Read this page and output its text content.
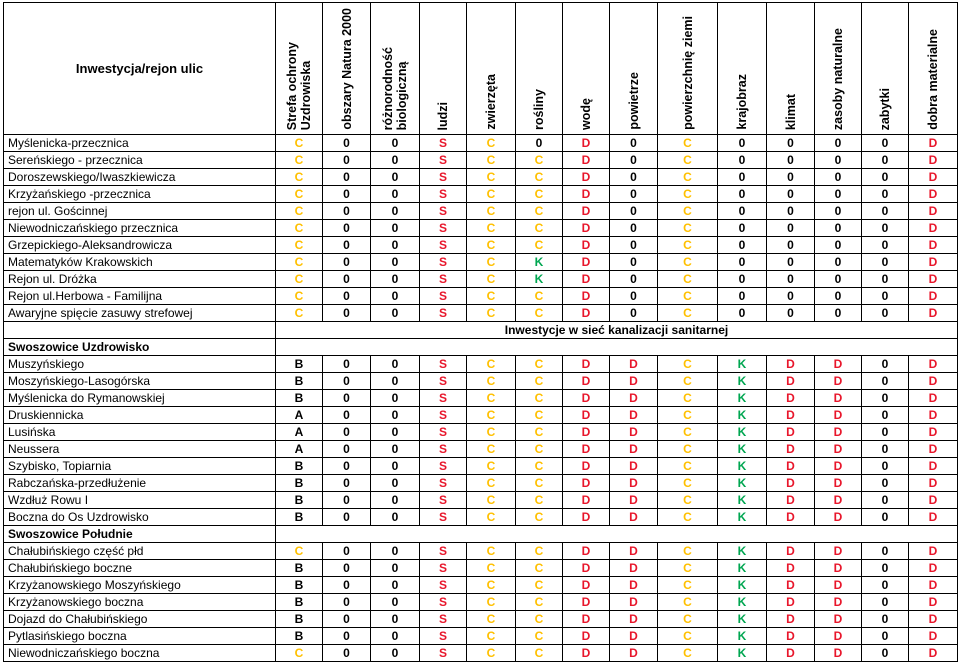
Inwestycja/rejon ulic	Strefa ochrony
Uzdrowiska	obszary Natura 2000	różnorodność
biologiczną	ludzi	zwierzęta	rośliny	wodę	powietrze	powierzchnię ziemi	krajobraz	klimat	zasoby naturalne	zabytki	dobra materialne

Myślenicka-przecznica	C	0	0	S	C	0	D	0	C	0	0	0	0	D
Sereńskiego - przecznica	C	0	0	S	C	C	D	0	C	0	0	0	0	D
Doroszewskiego/Iwaszkiewicza	C	0	0	S	C	C	D	0	C	0	0	0	0	D
Krzyżańskiego -przecznica	C	0	0	S	C	C	D	0	C	0	0	0	0	D
rejon ul. Gościnnej	C	0	0	S	C	C	D	0	C	0	0	0	0	D
Niewodniczańskiego przecznica	C	0	0	S	C	C	D	0	C	0	0	0	0	D
Grzepickiego-Aleksandrowicza	C	0	0	S	C	C	D	0	C	0	0	0	0	D
Matematyków Krakowskich	C	0	0	S	C	K	D	0	C	0	0	0	0	D
Rejon ul. Dróżka	C	0	0	S	C	K	D	0	C	0	0	0	0	D
Rejon ul.Herbowa - Familijna	C	0	0	S	C	C	D	0	C	0	0	0	0	D
Awaryjne spięcie zasuwy strefowej	C	0	0	S	C	C	D	0	C	0	0	0	0	D
	Inwestycje w sieć kanalizacji sanitarnej													
Swoszowice Uzdrowisko														
Muszyńskiego	B	0	0	S	C	C	D	D	C	K	D	D	0	D
Moszyńskiego-Lasogórska	B	0	0	S	C	C	D	D	C	K	D	D	0	D
Myślenicka do Rymanowskiej	B	0	0	S	C	C	D	D	C	K	D	D	0	D
Druskiennicka	A	0	0	S	C	C	D	D	C	K	D	D	0	D
Lusińska	A	0	0	S	C	C	D	D	C	K	D	D	0	D
Neussera	A	0	0	S	C	C	D	D	C	K	D	D	0	D
Szybisko, Topiarnia	B	0	0	S	C	C	D	D	C	K	D	D	0	D
Rabczańska-przedłużenie	B	0	0	S	C	C	D	D	C	K	D	D	0	D
Wzdłuż Rowu I	B	0	0	S	C	C	D	D	C	K	D	D	0	D
Boczna do Os Uzdrowisko	B	0	0	S	C	C	D	D	C	K	D	D	0	D
Swoszowice Południe														
Chałubińskiego część płd	C	0	0	S	C	C	D	D	C	K	D	D	0	D
Chałubińskiego boczne	B	0	0	S	C	C	D	D	C	K	D	D	0	D
Krzyżanowskiego Moszyńskiego	B	0	0	S	C	C	D	D	C	K	D	D	0	D
Krzyżanowskiego boczna	B	0	0	S	C	C	D	D	C	K	D	D	0	D
Dojazd do Chałubińskiego	B	0	0	S	C	C	D	D	C	K	D	D	0	D
Pytlasińskiego boczna	B	0	0	S	C	C	D	D	C	K	D	D	0	D
Niewodniczańskiego boczna	C	0	0	S	C	C	D	D	C	K	D	D	0	D
